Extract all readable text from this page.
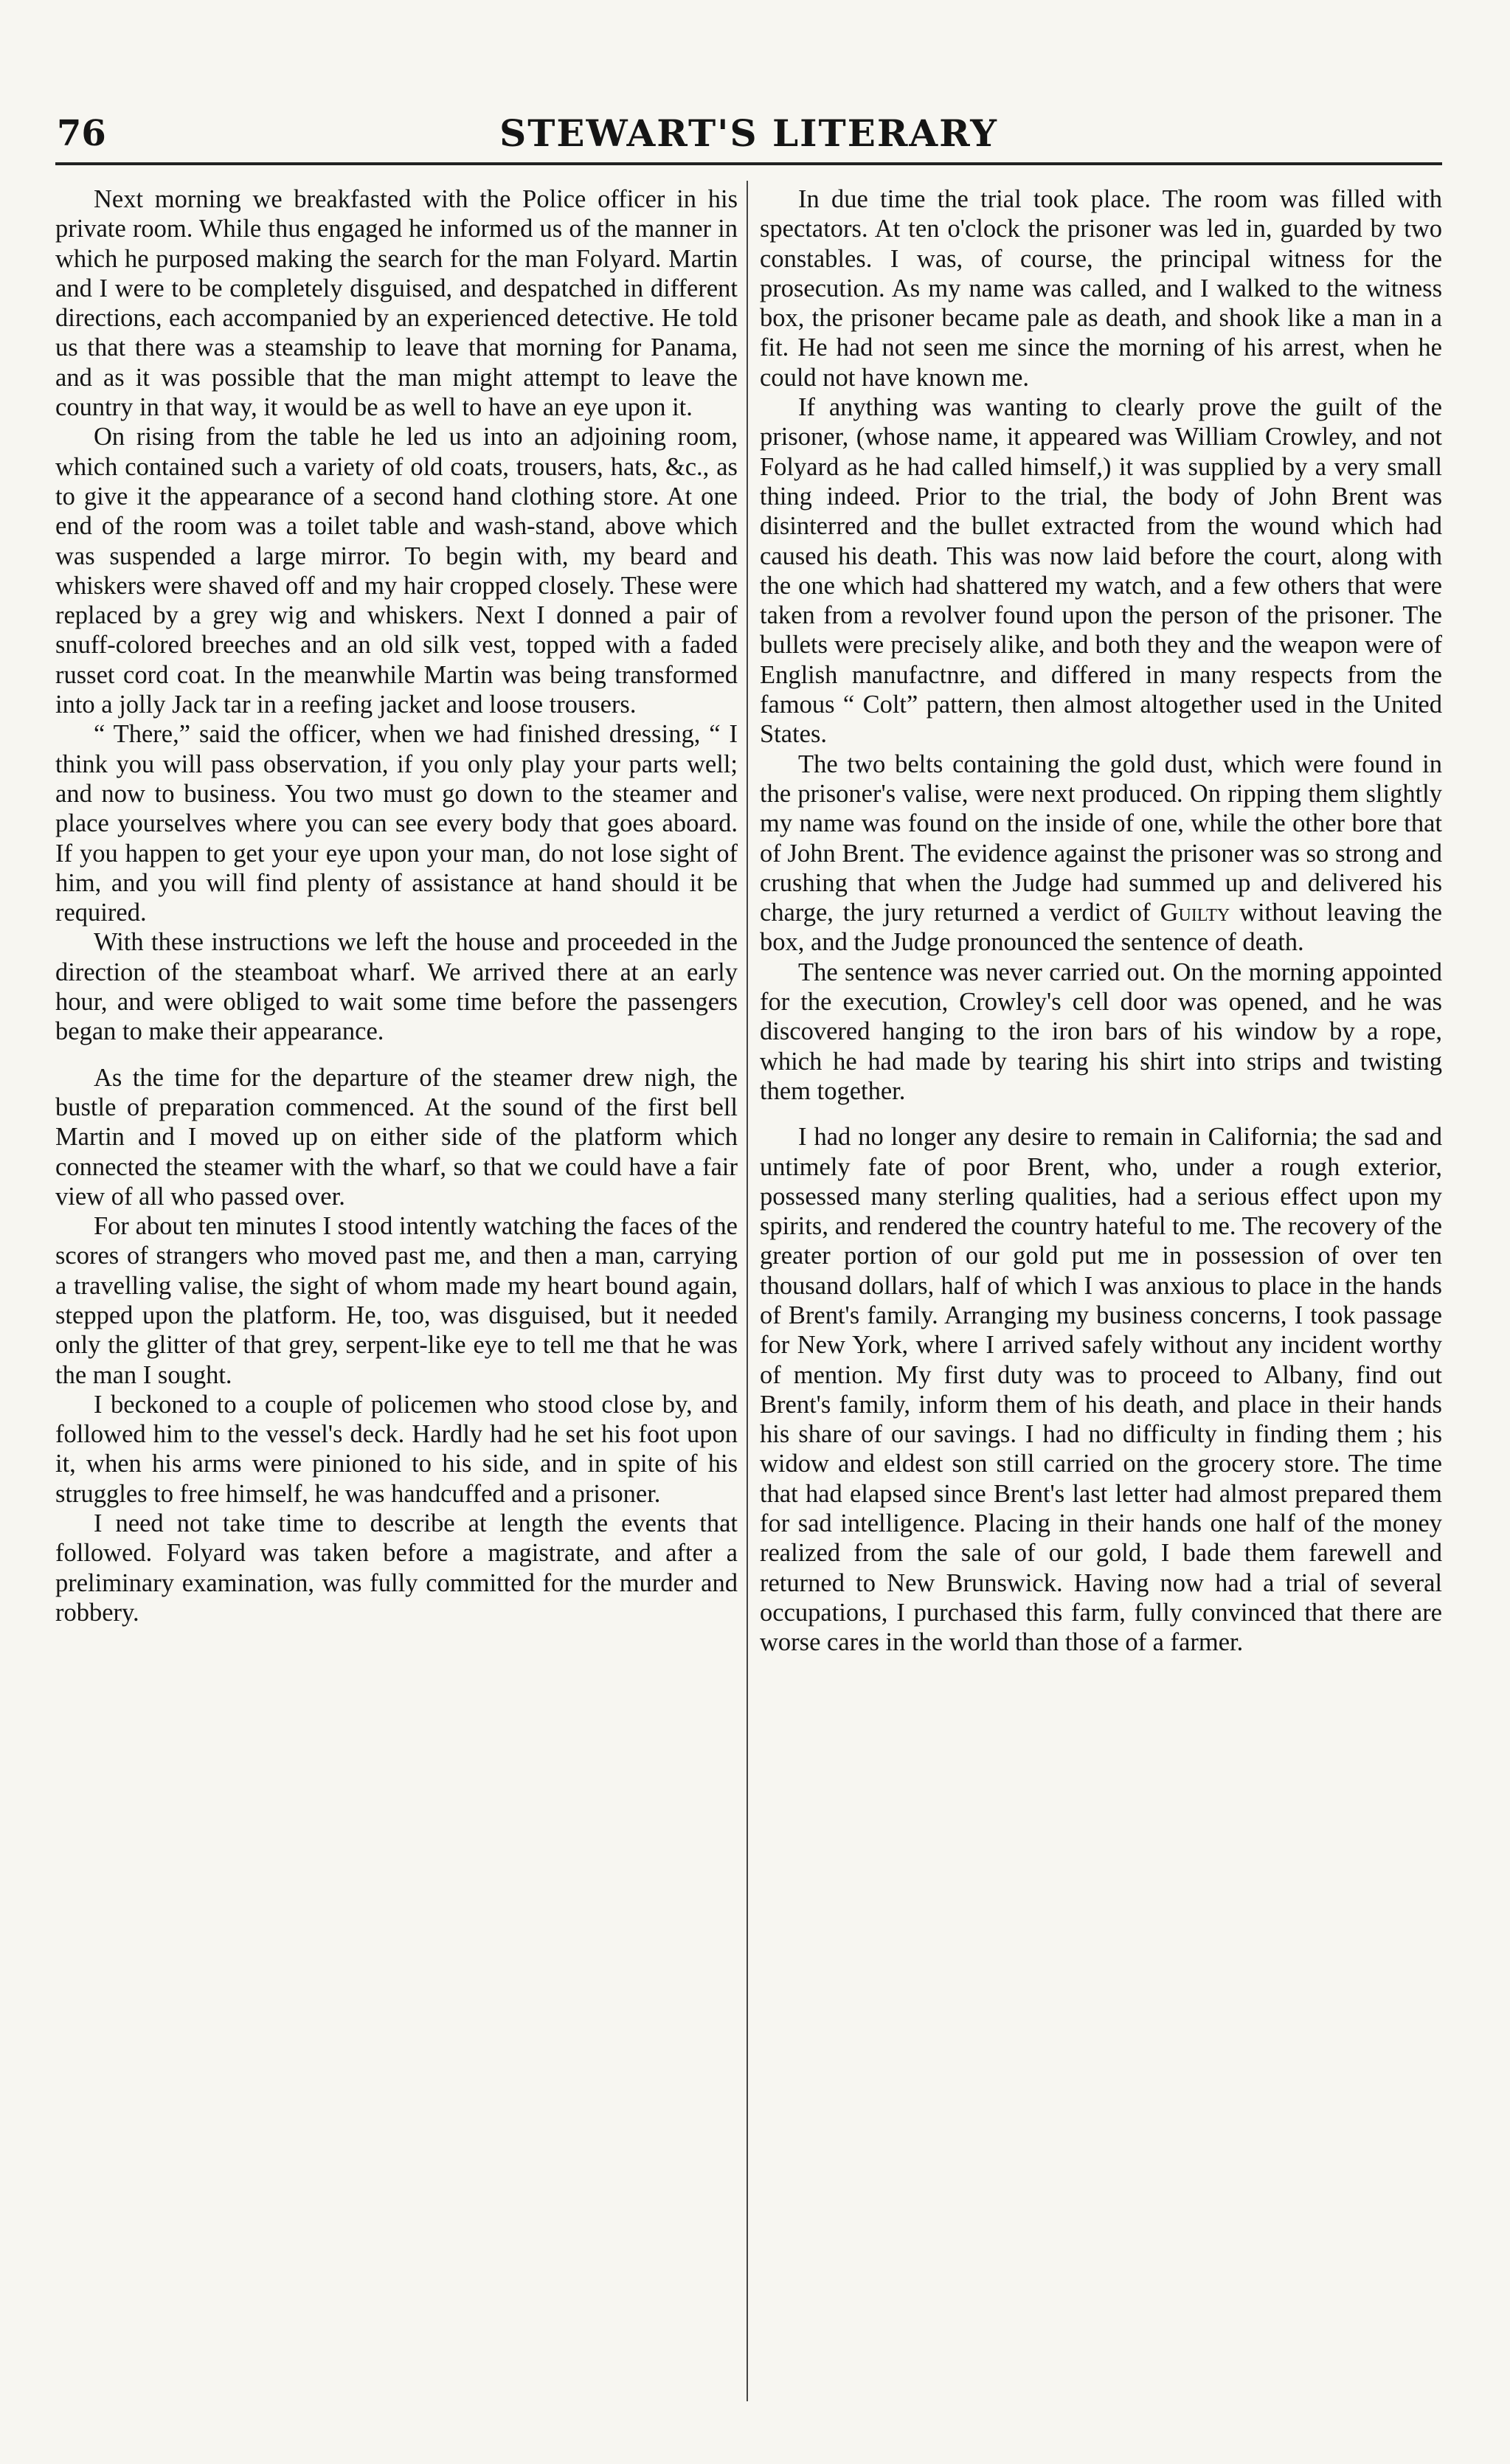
76	STEWART'S LITERARY

Next morning we breakfasted with the Police officer in his private room. While thus engaged he informed us of the manner in which he purposed making the search for the man Folyard. Martin and I were to be completely disguised, and despatched in different directions, each accompanied by an experienced detective. He told us that there was a steamship to leave that morning for Panama, and as it was possible that the man might attempt to leave the country in that way, it would be as well to have an eye upon it.

On rising from the table he led us into an adjoining room, which contained such a variety of old coats, trousers, hats, &c., as to give it the appearance of a second hand clothing store. At one end of the room was a toilet table and wash-stand, above which was suspended a large mirror. To begin with, my beard and whiskers were shaved off and my hair cropped closely. These were replaced by a grey wig and whiskers. Next I donned a pair of snuff-colored breeches and an old silk vest, topped with a faded russet cord coat. In the meanwhile Martin was being transformed into a jolly Jack tar in a reefing jacket and loose trousers.

“ There,” said the officer, when we had finished dressing, “ I think you will pass observation, if you only play your parts well; and now to business. You two must go down to the steamer and place yourselves where you can see every body that goes aboard. If you happen to get your eye upon your man, do not lose sight of him, and you will find plenty of assistance at hand should it be required.

With these instructions we left the house and proceeded in the direction of the steamboat wharf. We arrived there at an early hour, and were obliged to wait some time before the passengers began to make their appearance.

As the time for the departure of the steamer drew nigh, the bustle of preparation commenced. At the sound of the first bell Martin and I moved up on either side of the platform which connected the steamer with the wharf, so that we could have a fair view of all who passed over.

For about ten minutes I stood intently watching the faces of the scores of strangers who moved past me, and then a man, carrying a travelling valise, the sight of whom made my heart bound again, stepped upon the platform. He, too, was disguised, but it needed only the glitter of that grey, serpent-like eye to tell me that he was the man I sought.

I beckoned to a couple of policemen who stood close by, and followed him to the vessel's deck. Hardly had he set his foot upon it, when his arms were pinioned to his side, and in spite of his struggles to free himself, he was handcuffed and a prisoner.

I need not take time to describe at length the events that followed. Folyard was taken before a magistrate, and after a preliminary examination, was fully committed for the murder and robbery.

In due time the trial took place. The room was filled with spectators. At ten o'clock the prisoner was led in, guarded by two constables. I was, of course, the principal witness for the prosecution. As my name was called, and I walked to the witness box, the prisoner became pale as death, and shook like a man in a fit. He had not seen me since the morning of his arrest, when he could not have known me.

If anything was wanting to clearly prove the guilt of the prisoner, (whose name, it appeared was William Crowley, and not Folyard as he had called himself,) it was supplied by a very small thing indeed. Prior to the trial, the body of John Brent was disinterred and the bullet extracted from the wound which had caused his death. This was now laid before the court, along with the one which had shattered my watch, and a few others that were taken from a revolver found upon the person of the prisoner. The bullets were precisely alike, and both they and the weapon were of English manufactnre, and differed in many respects from the famous “ Colt” pattern, then almost altogether used in the United States.

The two belts containing the gold dust, which were found in the prisoner's valise, were next produced. On ripping them slightly my name was found on the inside of one, while the other bore that of John Brent. The evidence against the prisoner was so strong and crushing that when the Judge had summed up and delivered his charge, the jury returned a verdict of Guilty without leaving the box, and the Judge pronounced the sentence of death.

The sentence was never carried out. On the morning appointed for the execution, Crowley's cell door was opened, and he was discovered hanging to the iron bars of his window by a rope, which he had made by tearing his shirt into strips and twisting them together.

I had no longer any desire to remain in California; the sad and untimely fate of poor Brent, who, under a rough exterior, possessed many sterling qualities, had a serious effect upon my spirits, and rendered the country hateful to me. The recovery of the greater portion of our gold put me in possession of over ten thousand dollars, half of which I was anxious to place in the hands of Brent's family. Arranging my business concerns, I took passage for New York, where I arrived safely without any incident worthy of mention. My first duty was to proceed to Albany, find out Brent's family, inform them of his death, and place in their hands his share of our savings. I had no difficulty in finding them ; his widow and eldest son still carried on the grocery store. The time that had elapsed since Brent's last letter had almost prepared them for sad intelligence. Placing in their hands one half of the money realized from the sale of our gold, I bade them farewell and returned to New Brunswick. Having now had a trial of several occupations, I purchased this farm, fully convinced that there are worse cares in the world than those of a farmer.
